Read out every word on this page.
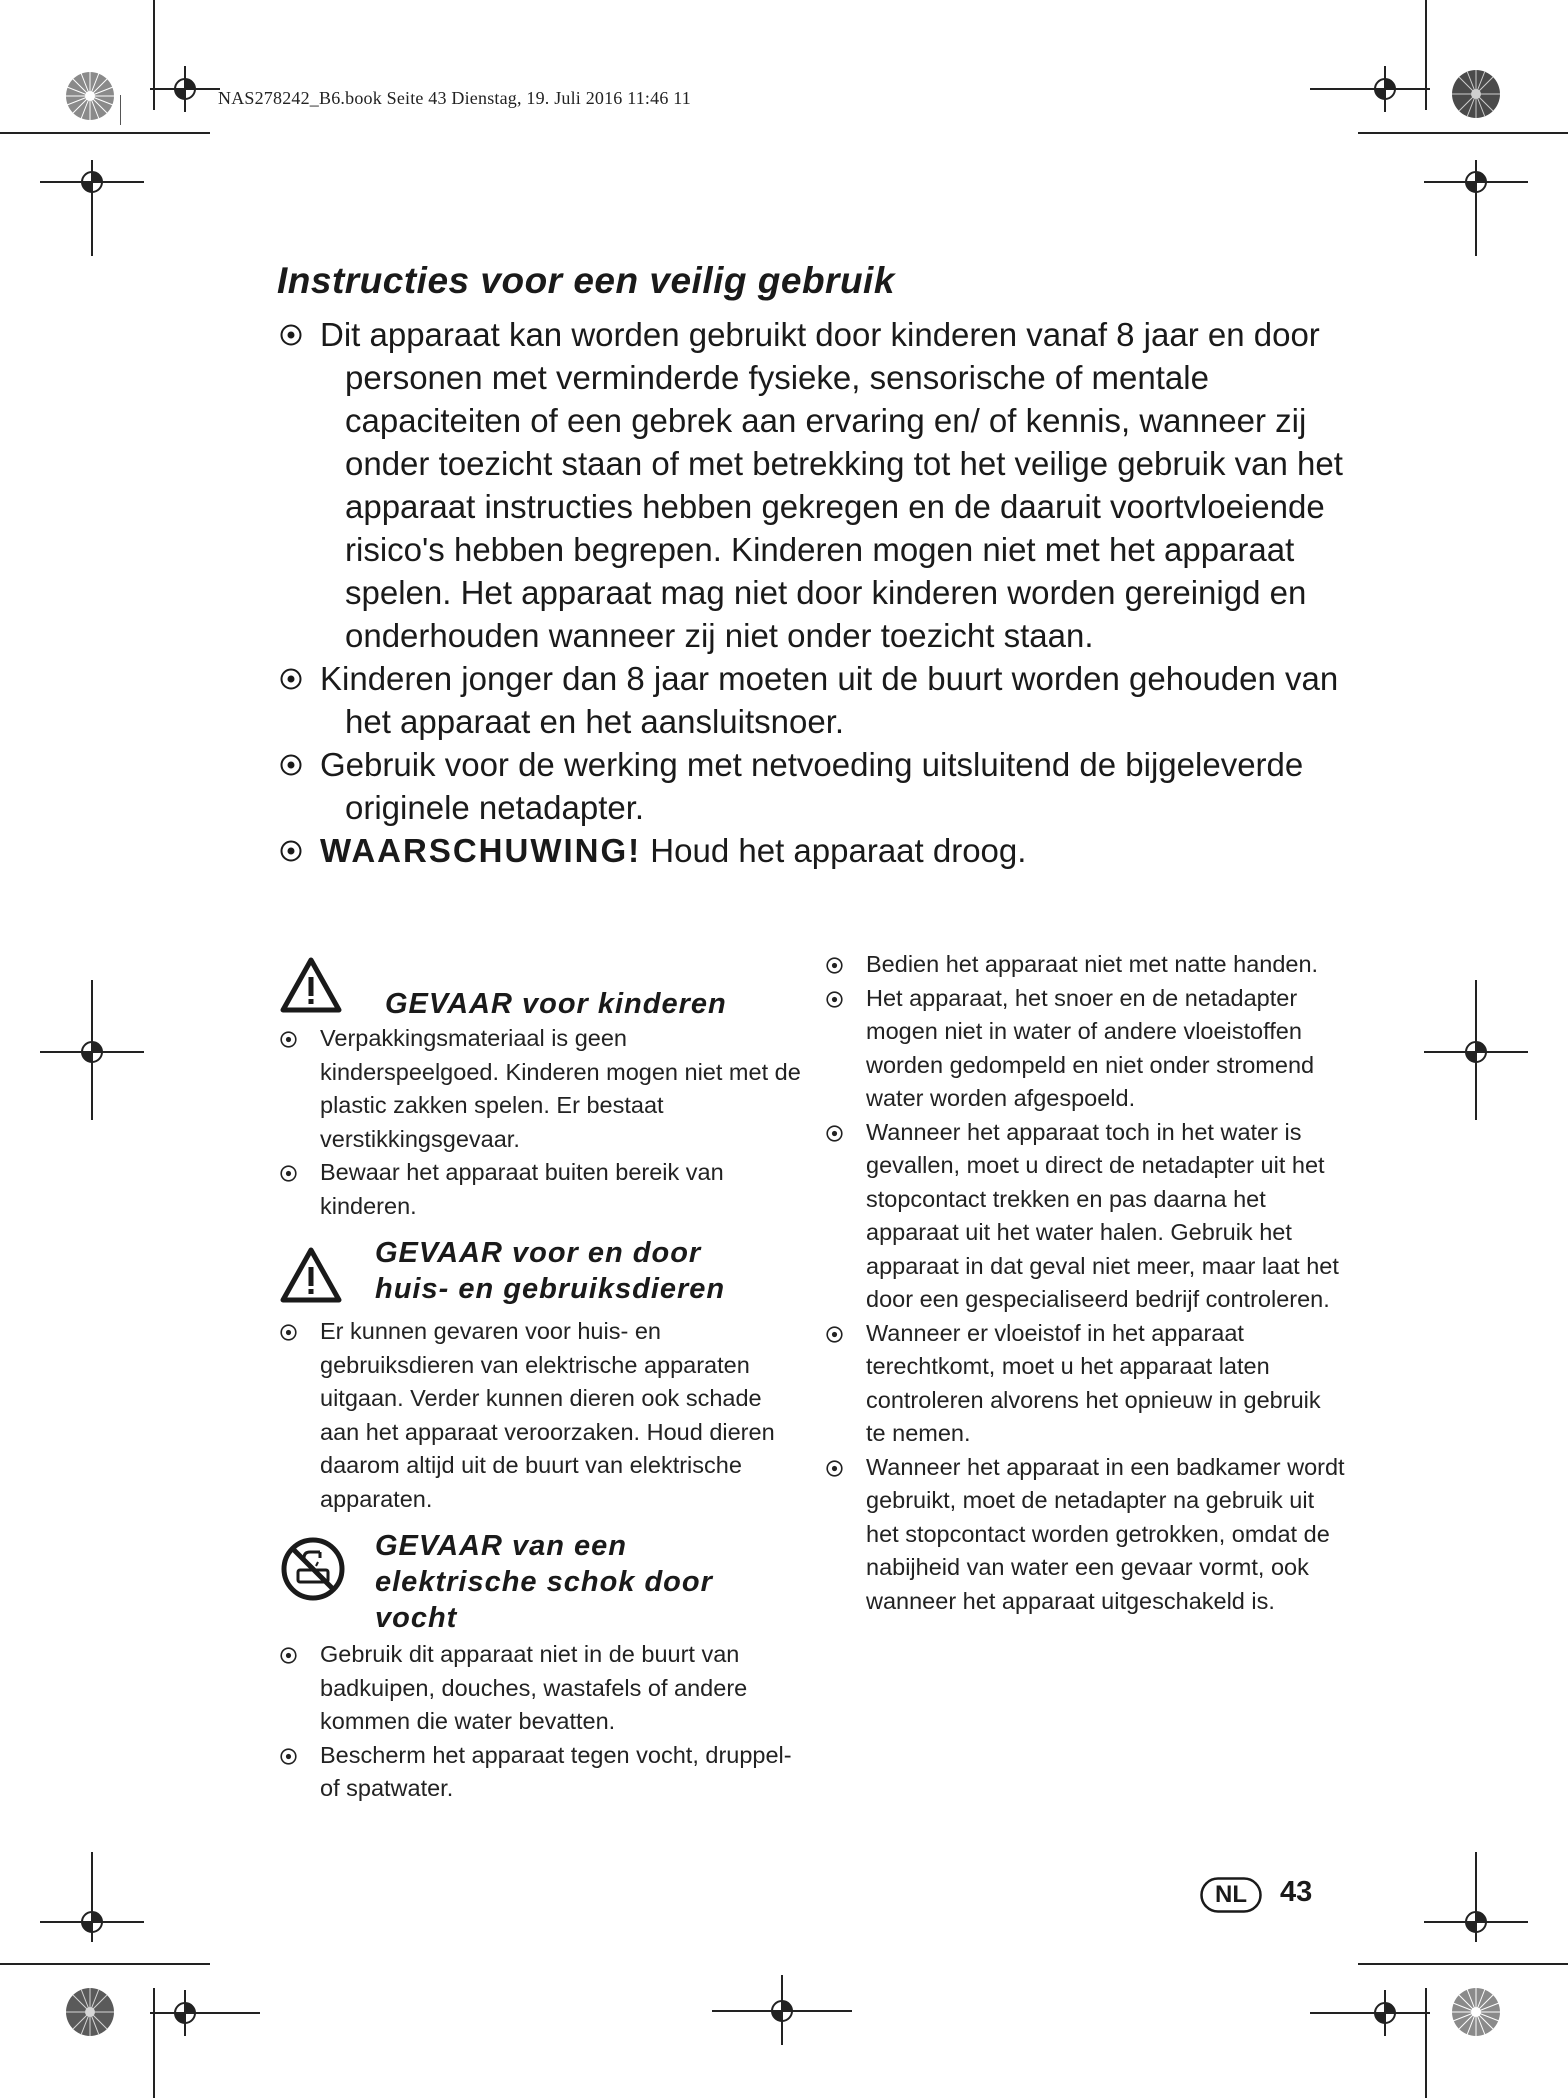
NAS278242_B6.book Seite 43 Dienstag, 19. Juli 2016 11:46 11
Instructies voor een veilig gebruik
Dit apparaat kan worden gebruikt door kinderen vanaf 8 jaar en door personen met verminderde fysieke, sensorische of mentale capaciteiten of een gebrek aan ervaring en/ of kennis, wanneer zij onder toezicht staan of met betrekking tot het veilige gebruik van het apparaat instructies hebben gekregen en de daaruit voortvloeiende risico's hebben begrepen. Kinderen mogen niet met het apparaat spelen. Het apparaat mag niet door kinderen worden gereinigd en onderhouden wanneer zij niet onder toezicht staan.
Kinderen jonger dan 8 jaar moeten uit de buurt worden gehouden van het apparaat en het aansluitsnoer.
Gebruik voor de werking met netvoeding uitsluitend de bijgeleverde originele netadapter.
WAARSCHUWING! Houd het apparaat droog.
GEVAAR voor kinderen
Verpakkingsmateriaal is geen kinderspeelgoed. Kinderen mogen niet met de plastic zakken spelen. Er bestaat verstikkingsgevaar.
Bewaar het apparaat buiten bereik van kinderen.
GEVAAR voor en door
huis- en gebruiksdieren
Er kunnen gevaren voor huis- en gebruiksdieren van elektrische apparaten uitgaan. Verder kunnen dieren ook schade aan het apparaat veroorzaken. Houd dieren daarom altijd uit de buurt van elektrische apparaten.
GEVAAR van een
elektrische schok door
vocht
Gebruik dit apparaat niet in de buurt van badkuipen, douches, wastafels of andere kommen die water bevatten.
Bescherm het apparaat tegen vocht, druppel- of spatwater.
Bedien het apparaat niet met natte handen.
Het apparaat, het snoer en de netadapter mogen niet in water of andere vloeistoffen worden gedompeld en niet onder stromend water worden afgespoeld.
Wanneer het apparaat toch in het water is gevallen, moet u direct de netadapter uit het stopcontact trekken en pas daarna het apparaat uit het water halen. Gebruik het apparaat in dat geval niet meer, maar laat het door een gespecialiseerd bedrijf controleren.
Wanneer er vloeistof in het apparaat terechtkomt, moet u het apparaat laten controleren alvorens het opnieuw in gebruik te nemen.
Wanneer het apparaat in een badkamer wordt gebruikt, moet de netadapter na gebruik uit het stopcontact worden getrokken, omdat de nabijheid van water een gevaar vormt, ook wanneer het apparaat uitgeschakeld is.
NL	43
